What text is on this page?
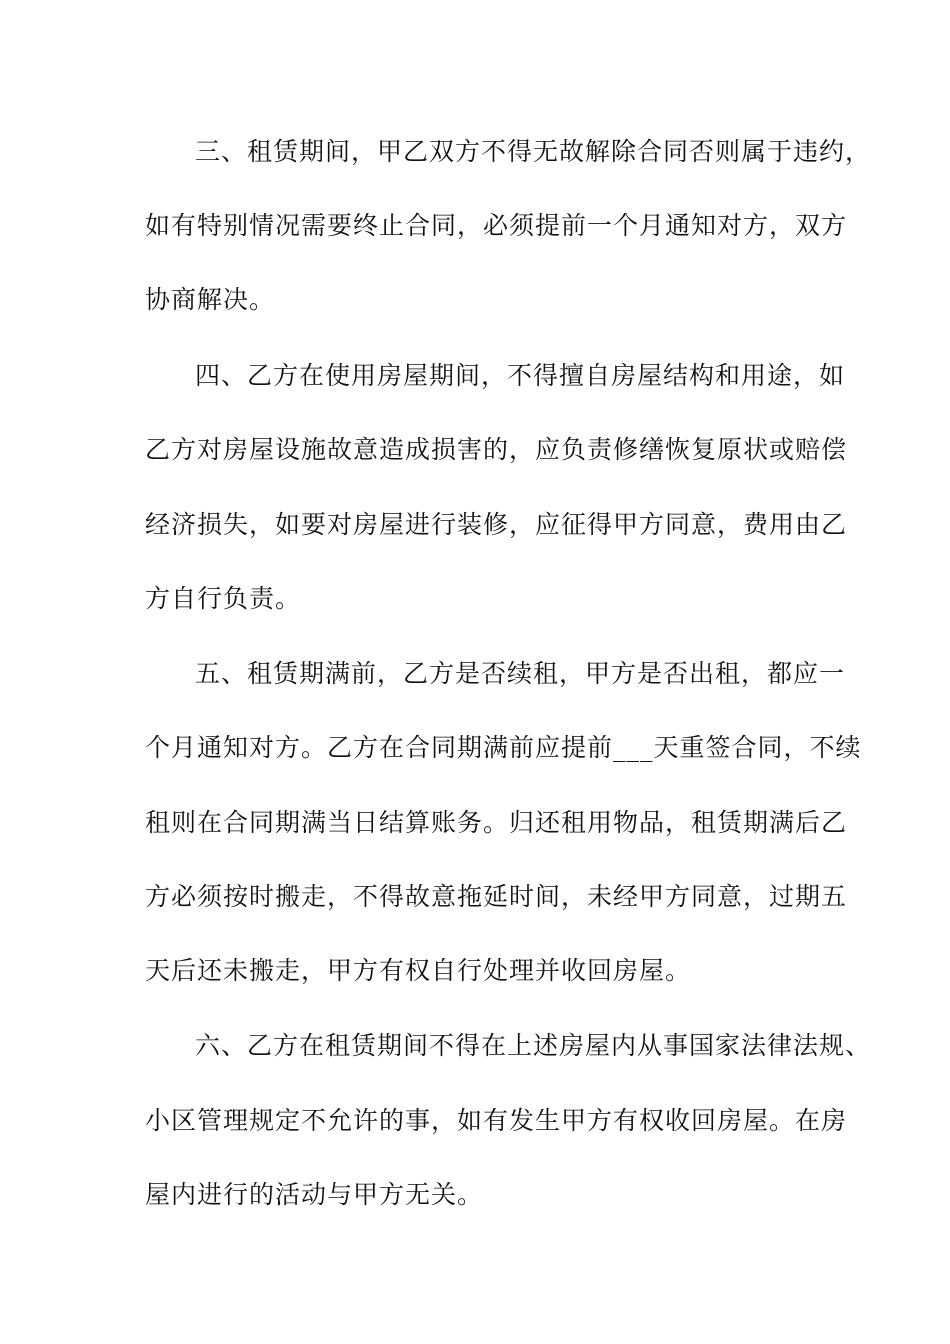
三、租赁期间，甲乙双方不得无故解除合同否则属于违约，
如有特别情况需要终止合同，必须提前一个月通知对方，双方
协商解决。
四、乙方在使用房屋期间，不得擅自房屋结构和用途，如
乙方对房屋设施故意造成损害的，应负责修缮恢复原状或赔偿
经济损失，如要对房屋进行装修，应征得甲方同意，费用由乙
方自行负责。
五、租赁期满前，乙方是否续租，甲方是否出租，都应一
个月通知对方。乙方在合同期满前应提前___天重签合同，不续
租则在合同期满当日结算账务。归还租用物品，租赁期满后乙
方必须按时搬走，不得故意拖延时间，未经甲方同意，过期五
天后还未搬走，甲方有权自行处理并收回房屋。
六、乙方在租赁期间不得在上述房屋内从事国家法律法规、
小区管理规定不允许的事，如有发生甲方有权收回房屋。在房
屋内进行的活动与甲方无关。
